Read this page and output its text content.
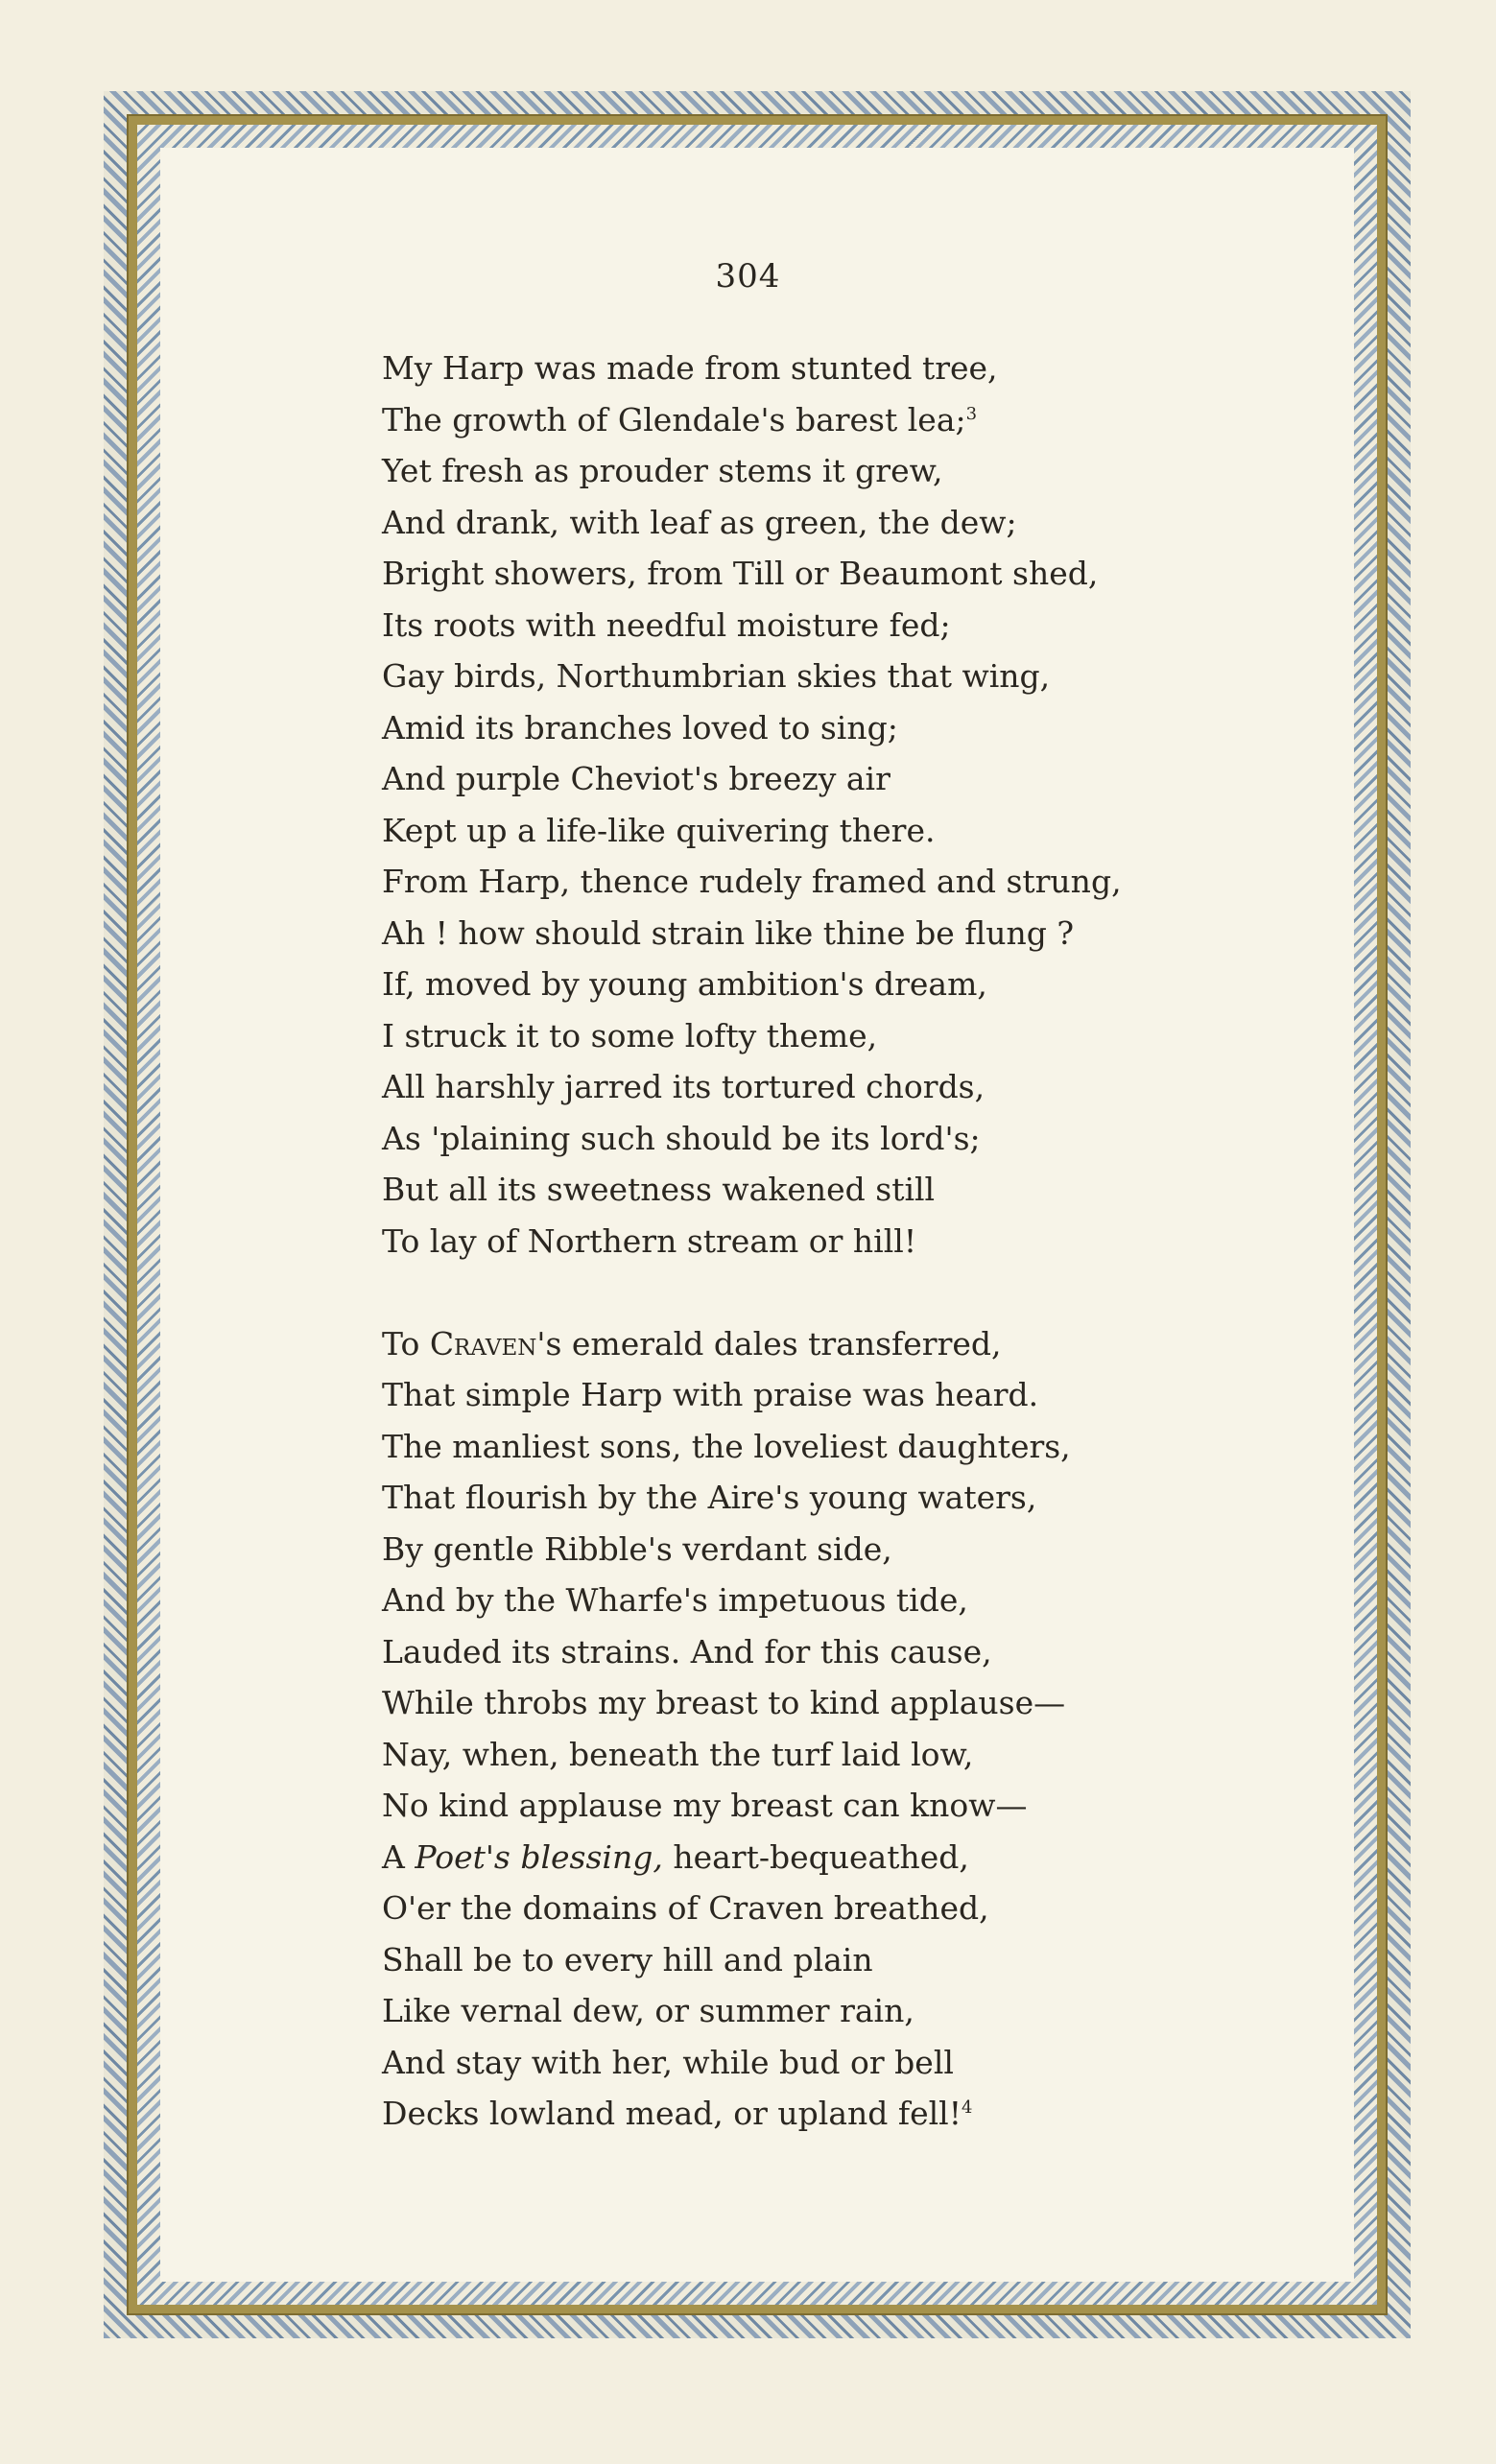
304
My Harp was made from stunted tree,
The growth of Glendale's barest lea;$^3$
Yet fresh as prouder stems it grew,
And drank, with leaf as green, the dew;
Bright showers, from Till or Beaumont shed,
Its roots with needful moisture fed;
Gay birds, Northumbrian skies that wing,
Amid its branches loved to sing;
And purple Cheviot's breezy air
Kept up a life-like quivering there.
From Harp, thence rudely framed and strung,
Ah ! how should strain like thine be flung ?
If, moved by young ambition's dream,
I struck it to some lofty theme,
All harshly jarred its tortured chords,
As 'plaining such should be its lord's;
But all its sweetness wakened still
To lay of Northern stream or hill!
To Craven's emerald dales transferred,
That simple Harp with praise was heard.
The manliest sons, the loveliest daughters,
That flourish by the Aire's young waters,
By gentle Ribble's verdant side,
And by the Wharfe's impetuous tide,
Lauded its strains. And for this cause,
While throbs my breast to kind applause—
Nay, when, beneath the turf laid low,
No kind applause my breast can know—
A Poet's blessing, heart-bequeathed,
O'er the domains of Craven breathed,
Shall be to every hill and plain
Like vernal dew, or summer rain,
And stay with her, while bud or bell
Decks lowland mead, or upland fell!$^4$
